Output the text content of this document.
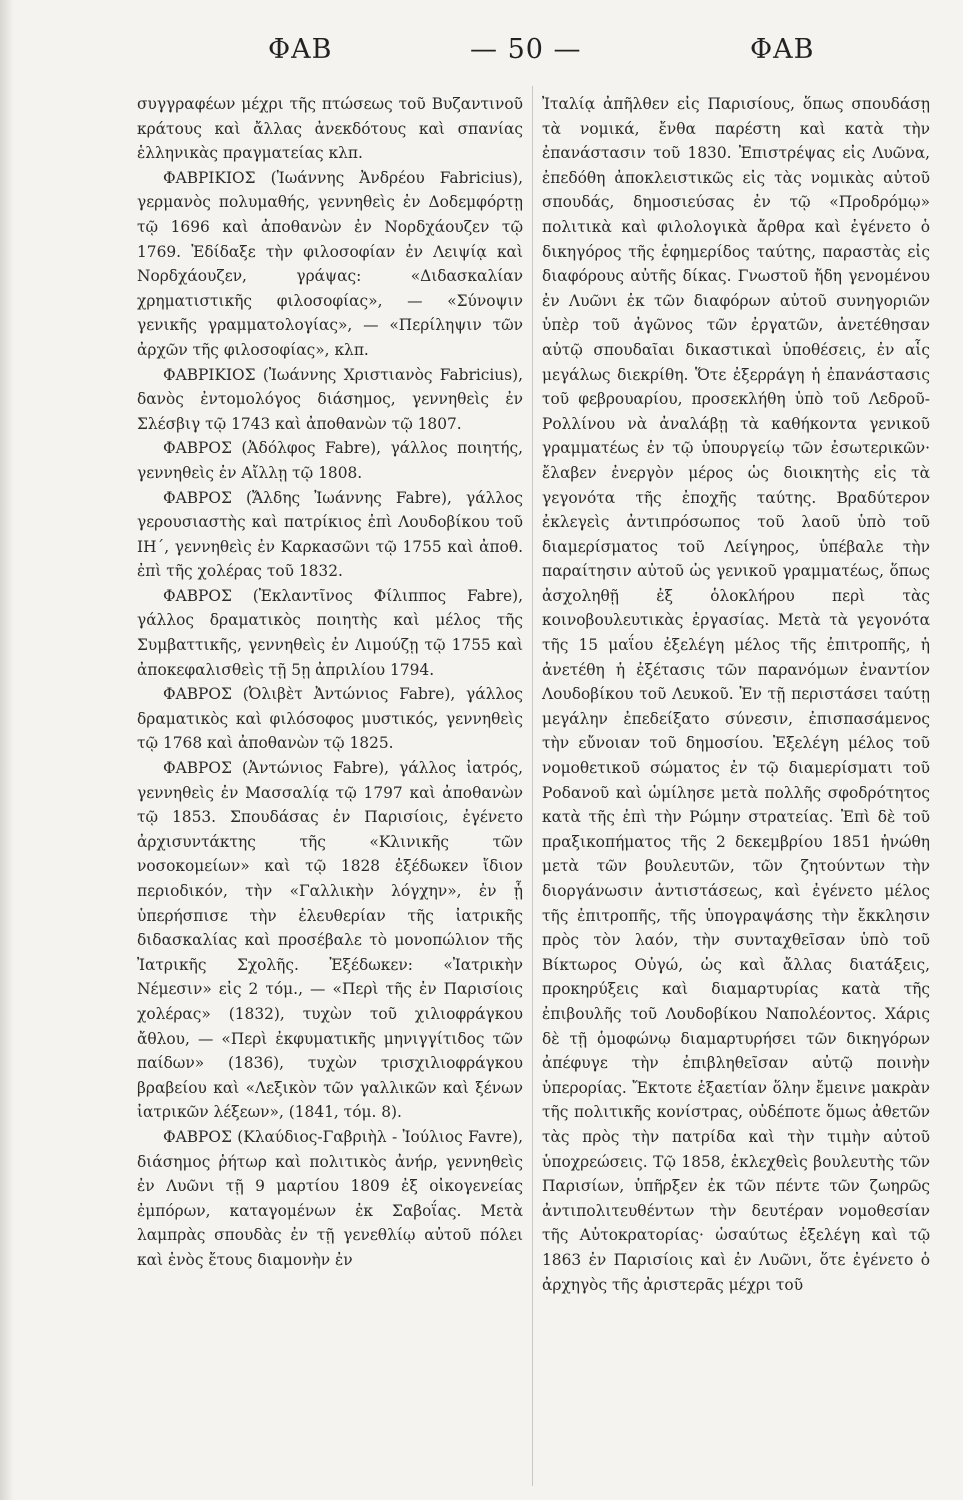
ΦΑΒ	— 50 —	ΦΑΒ

συγγραφέων μέχρι τῆς πτώσεως τοῦ Βυζαντινοῦ κράτους καὶ ἄλλας ἀνεκδότους καὶ σπανίας ἑλληνικὰς πραγματείας κλπ.

ΦΑΒΡΙΚΙΟΣ (Ἰωάννης Ἀνδρέου Fabricius), γερμανὸς πολυμαθής, γεννηθεὶς ἐν Δοδεμφόρτῃ τῷ 1696 καὶ ἀποθανὼν ἐν Νορδχάουζεν τῷ 1769. Ἐδίδαξε τὴν φιλοσοφίαν ἐν Λειψίᾳ καὶ Νορδχάουζεν, γράψας: «Διδασκαλίαν χρηματιστικῆς φιλοσοφίας», — «Σύνοψιν γενικῆς γραμματολογίας», — «Περίληψιν τῶν ἀρχῶν τῆς φιλοσοφίας», κλπ.

ΦΑΒΡΙΚΙΟΣ (Ἰωάννης Χριστιανὸς Fabricius), δανὸς ἐντομολόγος διάσημος, γεννηθεὶς ἐν Σλέσβιγ τῷ 1743 καὶ ἀποθανὼν τῷ 1807.

ΦΑΒΡΟΣ (Ἀδόλφος Fabre), γάλλος ποιητής, γεννηθεὶς ἐν Αἴλλῃ τῷ 1808.

ΦΑΒΡΟΣ (Ἄλδης Ἰωάννης Fabre), γάλλος γερουσιαστὴς καὶ πατρίκιος ἐπὶ Λουδοβίκου τοῦ ΙΗ΄, γεννηθεὶς ἐν Καρκασῶνι τῷ 1755 καὶ ἀποθ. ἐπὶ τῆς χολέρας τοῦ 1832.

ΦΑΒΡΟΣ (Ἐκλαντῖνος Φίλιππος Fabre), γάλλος δραματικὸς ποιητὴς καὶ μέλος τῆς Συμβαττικῆς, γεννηθεὶς ἐν Λιμούζῃ τῷ 1755 καὶ ἀποκεφαλισθεὶς τῇ 5ῃ ἀπριλίου 1794.

ΦΑΒΡΟΣ (Ὀλιβὲτ Ἀντώνιος Fabre), γάλλος δραματικὸς καὶ φιλόσοφος μυστικός, γεννηθεὶς τῷ 1768 καὶ ἀποθανὼν τῷ 1825.

ΦΑΒΡΟΣ (Ἀντώνιος Fabre), γάλλος ἰατρός, γεννηθεὶς ἐν Μασσαλίᾳ τῷ 1797 καὶ ἀποθανὼν τῷ 1853. Σπουδάσας ἐν Παρισίοις, ἐγένετο ἀρχισυντάκτης τῆς «Κλινικῆς τῶν νοσοκομείων» καὶ τῷ 1828 ἐξέδωκεν ἴδιον περιοδικόν, τὴν «Γαλλικὴν λόγχην», ἐν ᾗ ὑπερήσπισε τὴν ἐλευθερίαν τῆς ἰατρικῆς διδασκαλίας καὶ προσέβαλε τὸ μονοπώλιον τῆς Ἰατρικῆς Σχολῆς. Ἐξέδωκεν: «Ἰατρικὴν Νέμεσιν» εἰς 2 τόμ., — «Περὶ τῆς ἐν Παρισίοις χολέρας» (1832), τυχὼν τοῦ χιλιοφράγκου ἄθλου, — «Περὶ ἐκφυματικῆς μηνιγγίτιδος τῶν παίδων» (1836), τυχὼν τρισχιλιοφράγκου βραβείου καὶ «Λεξικὸν τῶν γαλλικῶν καὶ ξένων ἰατρικῶν λέξεων», (1841, τόμ. 8).

ΦΑΒΡΟΣ (Κλαύδιος-Γαβριὴλ - Ἰούλιος Favre), διάσημος ῥήτωρ καὶ πολιτικὸς ἀνήρ, γεννηθεὶς ἐν Λυῶνι τῇ 9 μαρτίου 1809 ἐξ οἰκογενείας ἐμπόρων, καταγομένων ἐκ Σαβοΐας. Μετὰ λαμπρὰς σπουδὰς ἐν τῇ γενεθλίῳ αὐτοῦ πόλει καὶ ἑνὸς ἔτους διαμονὴν ἐν

Ἰταλίᾳ ἀπῆλθεν εἰς Παρισίους, ὅπως σπουδάσῃ τὰ νομικά, ἔνθα παρέστη καὶ κατὰ τὴν ἐπανάστασιν τοῦ 1830. Ἐπιστρέψας εἰς Λυῶνα, ἐπεδόθη ἀποκλειστικῶς εἰς τὰς νομικὰς αὐτοῦ σπουδάς, δημοσιεύσας ἐν τῷ «Προδρόμῳ» πολιτικὰ καὶ φιλολογικὰ ἄρθρα καὶ ἐγένετο ὁ δικηγόρος τῆς ἐφημερίδος ταύτης, παραστὰς εἰς διαφόρους αὐτῆς δίκας. Γνωστοῦ ἤδη γενομένου ἐν Λυῶνι ἐκ τῶν διαφόρων αὐτοῦ συνηγοριῶν ὑπὲρ τοῦ ἀγῶνος τῶν ἐργατῶν, ἀνετέθησαν αὐτῷ σπουδαῖαι δικαστικαὶ ὑποθέσεις, ἐν αἷς μεγάλως διεκρίθη. Ὅτε ἐξερράγη ἡ ἐπανάστασις τοῦ φεβρουαρίου, προσεκλήθη ὑπὸ τοῦ Λεδροῦ-Ρολλίνου νὰ ἀναλάβῃ τὰ καθήκοντα γενικοῦ γραμματέως ἐν τῷ ὑπουργείῳ τῶν ἐσωτερικῶν· ἔλαβεν ἐνεργὸν μέρος ὡς διοικητὴς εἰς τὰ γεγονότα τῆς ἐποχῆς ταύτης. Βραδύτερον ἐκλεγεὶς ἀντιπρόσωπος τοῦ λαοῦ ὑπὸ τοῦ διαμερίσματος τοῦ Λείγηρος, ὑπέβαλε τὴν παραίτησιν αὐτοῦ ὡς γενικοῦ γραμματέως, ὅπως ἀσχοληθῇ ἐξ ὁλοκλήρου περὶ τὰς κοινοβουλευτικὰς ἐργασίας. Μετὰ τὰ γεγονότα τῆς 15 μαΐου ἐξελέγη μέλος τῆς ἐπιτροπῆς, ἡ ἀνετέθη ἡ ἐξέτασις τῶν παρανόμων ἐναντίον Λουδοβίκου τοῦ Λευκοῦ. Ἐν τῇ περιστάσει ταύτῃ μεγάλην ἐπεδείξατο σύνεσιν, ἐπισπασάμενος τὴν εὔνοιαν τοῦ δημοσίου. Ἐξελέγη μέλος τοῦ νομοθετικοῦ σώματος ἐν τῷ διαμερίσματι τοῦ Ροδανοῦ καὶ ὡμίλησε μετὰ πολλῆς σφοδρότητος κατὰ τῆς ἐπὶ τὴν Ρώμην στρατείας. Ἐπὶ δὲ τοῦ πραξικοπήματος τῆς 2 δεκεμβρίου 1851 ἡνώθη μετὰ τῶν βουλευτῶν, τῶν ζητούντων τὴν διοργάνωσιν ἀντιστάσεως, καὶ ἐγένετο μέλος τῆς ἐπιτροπῆς, τῆς ὑπογραψάσης τὴν ἔκκλησιν πρὸς τὸν λαόν, τὴν συνταχθεῖσαν ὑπὸ τοῦ Βίκτωρος Οὐγώ, ὡς καὶ ἄλλας διατάξεις, προκηρύξεις καὶ διαμαρτυρίας κατὰ τῆς ἐπιβουλῆς τοῦ Λουδοβίκου Ναπολέοντος. Χάρις δὲ τῇ ὁμοφώνῳ διαμαρτυρήσει τῶν δικηγόρων ἀπέφυγε τὴν ἐπιβληθεῖσαν αὐτῷ ποινὴν ὑπερορίας. Ἔκτοτε ἑξαετίαν ὅλην ἔμεινε μακρὰν τῆς πολιτικῆς κονίστρας, οὐδέποτε ὅμως ἀθετῶν τὰς πρὸς τὴν πατρίδα καὶ τὴν τιμὴν αὐτοῦ ὑποχρεώσεις. Τῷ 1858, ἐκλεχθεὶς βουλευτὴς τῶν Παρισίων, ὑπῆρξεν ἐκ τῶν πέντε τῶν ζωηρῶς ἀντιπολιτευθέντων τὴν δευτέραν νομοθεσίαν τῆς Αὐτοκρατορίας· ὡσαύτως ἐξελέγη καὶ τῷ 1863 ἐν Παρισίοις καὶ ἐν Λυῶνι, ὅτε ἐγένετο ὁ ἀρχηγὸς τῆς ἀριστερᾶς μέχρι τοῦ
